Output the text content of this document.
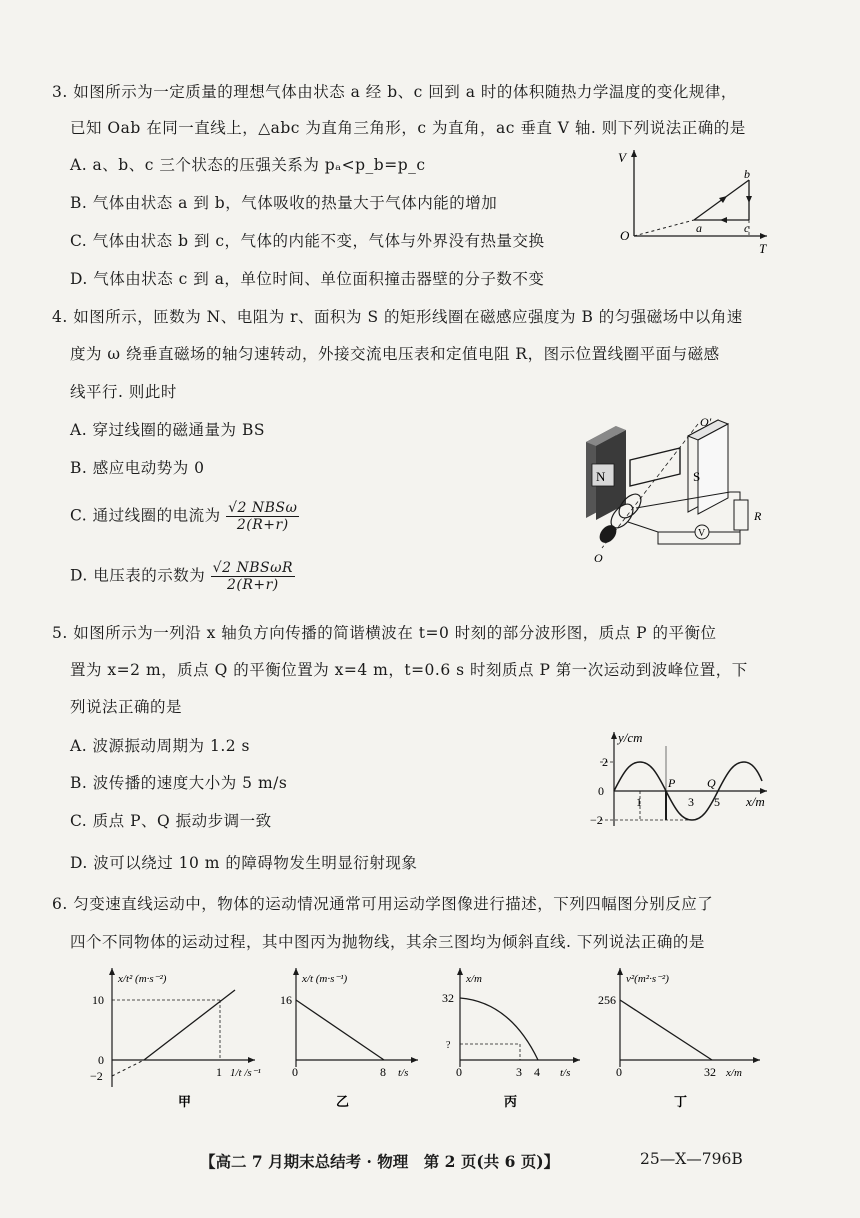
3. 如图所示为一定质量的理想气体由状态 a 经 b、c 回到 a 时的体积随热力学温度的变化规律，
已知 Oab 在同一直线上，△abc 为直角三角形，c 为直角，ac 垂直 V 轴. 则下列说法正确的是
A. a、b、c 三个状态的压强关系为 pₐ<p_b=p_c
B. 气体由状态 a 到 b，气体吸收的热量大于气体内能的增加
C. 气体由状态 b 到 c，气体的内能不变，气体与外界没有热量交换
D. 气体由状态 c 到 a，单位时间、单位面积撞击器壁的分子数不变
V
T
O	a
b
c
4. 如图所示，匝数为 N、电阻为 r、面积为 S 的矩形线圈在磁感应强度为 B 的匀强磁场中以角速
度为 ω 绕垂直磁场的轴匀速转动，外接交流电压表和定值电阻 R，图示位置线圈平面与磁感
线平行. 则此时
A. 穿过线圈的磁通量为 BS
B. 感应电动势为 0
C. 通过线圈的电流为 $\frac{\text{√2 NBSω}}{2(R+r)}$
D. 电压表的示数为 $\frac{\text{√2 NBSωR}}{2(R+r)}$
N	S
O′
O
R
V
5. 如图所示为一列沿 x 轴负方向传播的简谐横波在 t=0 时刻的部分波形图，质点 P 的平衡位
置为 x=2 m，质点 Q 的平衡位置为 x=4 m，t=0.6 s 时刻质点 P 第一次运动到波峰位置，下
列说法正确的是
A. 波源振动周期为 1.2 s
B. 波传播的速度大小为 5 m/s
C. 质点 P、Q 振动步调一致
D. 波可以绕过 10 m 的障碍物发生明显衍射现象
y/cm
x/m
2
0
−2
1	3 5
P	Q
6. 匀变速直线运动中，物体的运动情况通常可用运动学图像进行描述，下列四幅图分别反应了
四个不同物体的运动过程，其中图丙为抛物线，其余三图均为倾斜直线. 下列说法正确的是
x/t² (m·s⁻²)
10
0
−2	1 1/t /s⁻¹
甲
x/t (m·s⁻¹)
16
0	8 t/s
乙
x/m
32
?
0	3 4 t/s
丙
v²(m²·s⁻²)
256
0	32 x/m
丁
【高二 7 月期末总结考 · 物理　第 2 页(共 6 页)】	25—X—796B
